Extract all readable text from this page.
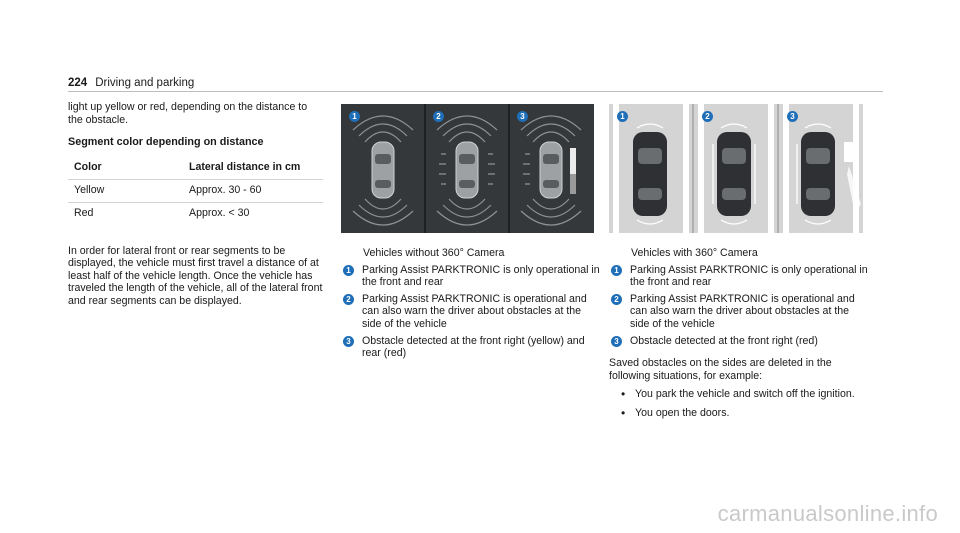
224 Driving and parking

light up yellow or red, depending on the distance to the obstacle.

Segment color depending on distance
Color	Lateral distance in cm
Yellow	Approx. 30 - 60
Red	Approx. < 30

In order for lateral front or rear segments to be displayed, the vehicle must first travel a distance of at least half of the vehicle length. Once the vehicle has traveled the length of the vehicle, all of the lateral front and rear segments can be displayed.

1	2	3	1	2	3

Vehicles without 360° Camera

1	Parking Assist PARKTRONIC is only operational in the front and rear
2	Parking Assist PARKTRONIC is operational and can also warn the driver about obstacles at the side of the vehicle
3	Obstacle detected at the front right (yellow) and rear (red)

Vehicles with 360° Camera

1	Parking Assist PARKTRONIC is only operational in the front and rear
2	Parking Assist PARKTRONIC is operational and can also warn the driver about obstacles at the side of the vehicle
3	Obstacle detected at the front right (red)

Saved obstacles on the sides are deleted in the following situations, for example:

• You park the vehicle and switch off the ignition.
• You open the doors.
carmanualsonline.info
